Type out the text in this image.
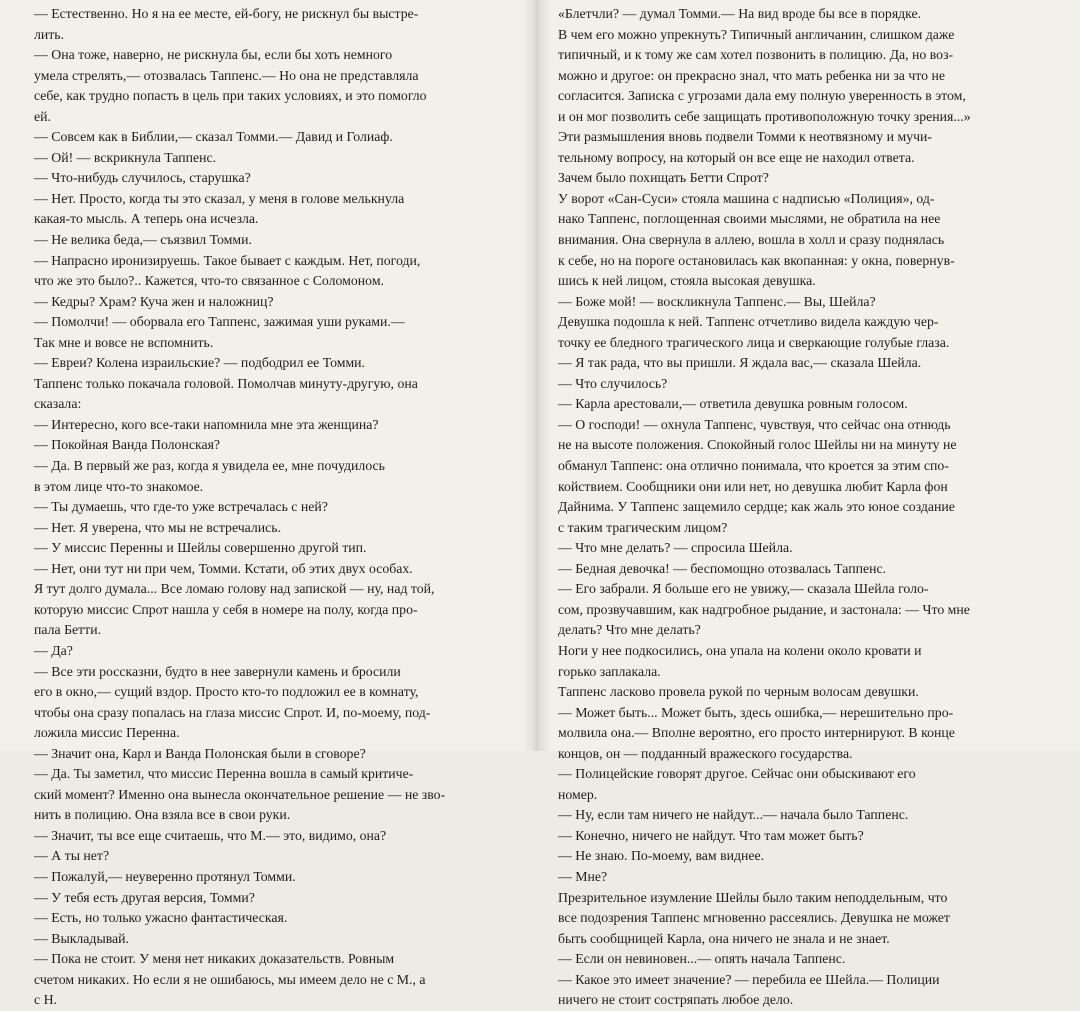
— Естественно. Но я на ее месте, ей-богу, не рискнул бы выстре-
лить.
— Она тоже, наверно, не рискнула бы, если бы хоть немного
умела стрелять,— отозвалась Таппенс.— Но она не представляла
себе, как трудно попасть в цель при таких условиях, и это помогло
ей.
— Совсем как в Библии,— сказал Томми.— Давид и Голиаф.
— Ой! — вскрикнула Таппенс.
— Что-нибудь случилось, старушка?
— Нет. Просто, когда ты это сказал, у меня в голове мелькнула
какая-то мысль. А теперь она исчезла.
— Не велика беда,— съязвил Томми.
— Напрасно иронизируешь. Такое бывает с каждым. Нет, погоди,
что же это было?.. Кажется, что-то связанное с Соломоном.
— Кедры? Храм? Куча жен и наложниц?
— Помолчи! — оборвала его Таппенс, зажимая уши руками.—
Так мне и вовсе не вспомнить.
— Евреи? Колена израильские? — подбодрил ее Томми.
Таппенс только покачала головой. Помолчав минуту-другую, она
сказала:
— Интересно, кого все-таки напомнила мне эта женщина?
— Покойная Ванда Полонская?
— Да. В первый же раз, когда я увидела ее, мне почудилось
в этом лице что-то знакомое.
— Ты думаешь, что где-то уже встречалась с ней?
— Нет. Я уверена, что мы не встречались.
— У миссис Перенны и Шейлы совершенно другой тип.
— Нет, они тут ни при чем, Томми. Кстати, об этих двух особах.
Я тут долго думала... Все ломаю голову над запиской — ну, над той,
которую миссис Спрот нашла у себя в номере на полу, когда про-
пала Бетти.
— Да?
— Все эти россказни, будто в нее завернули камень и бросили
его в окно,— сущий вздор. Просто кто-то подложил ее в комнату,
чтобы она сразу попалась на глаза миссис Спрот. И, по-моему, под-
ложила миссис Перенна.
— Значит она, Карл и Ванда Полонская были в сговоре?
— Да. Ты заметил, что миссис Перенна вошла в самый критиче-
ский момент? Именно она вынесла окончательное решение — не зво-
нить в полицию. Она взяла все в свои руки.
— Значит, ты все еще считаешь, что М.— это, видимо, она?
— А ты нет?
— Пожалуй,— неуверенно протянул Томми.
— У тебя есть другая версия, Томми?
— Есть, но только ужасно фантастическая.
— Выкладывай.
— Пока не стоит. У меня нет никаких доказательств. Ровным
счетом никаких. Но если я не ошибаюсь, мы имеем дело не с М., а
с Н.
«Блетчли? — думал Томми.— На вид вроде бы все в порядке.
В чем его можно упрекнуть? Типичный англичанин, слишком даже
типичный, и к тому же сам хотел позвонить в полицию. Да, но воз-
можно и другое: он прекрасно знал, что мать ребенка ни за что не
согласится. Записка с угрозами дала ему полную уверенность в этом,
и он мог позволить себе защищать противоположную точку зрения...»
Эти размышления вновь подвели Томми к неотвязному и мучи-
тельному вопросу, на который он все еще не находил ответа.
Зачем было похищать Бетти Спрот?
У ворот «Сан-Суси» стояла машина с надписью «Полиция», од-
нако Таппенс, поглощенная своими мыслями, не обратила на нее
внимания. Она свернула в аллею, вошла в холл и сразу поднялась
к себе, но на пороге остановилась как вкопанная: у окна, повернув-
шись к ней лицом, стояла высокая девушка.
— Боже мой! — воскликнула Таппенс.— Вы, Шейла?
Девушка подошла к ней. Таппенс отчетливо видела каждую чер-
точку ее бледного трагического лица и сверкающие голубые глаза.
— Я так рада, что вы пришли. Я ждала вас,— сказала Шейла.
— Что случилось?
— Карла арестовали,— ответила девушка ровным голосом.
— О господи! — охнула Таппенс, чувствуя, что сейчас она отнюдь
не на высоте положения. Спокойный голос Шейлы ни на минуту не
обманул Таппенс: она отлично понимала, что кроется за этим спо-
койствием. Сообщники они или нет, но девушка любит Карла фон
Дайнима. У Таппенс защемило сердце; как жаль это юное создание
с таким трагическим лицом?
— Что мне делать? — спросила Шейла.
— Бедная девочка! — беспомощно отозвалась Таппенс.
— Его забрали. Я больше его не увижу,— сказала Шейла голо-
сом, прозвучавшим, как надгробное рыдание, и застонала: — Что мне
делать? Что мне делать?
Ноги у нее подкосились, она упала на колени около кровати и
горько заплакала.
Таппенс ласково провела рукой по черным волосам девушки.
— Может быть... Может быть, здесь ошибка,— нерешительно про-
молвила она.— Вполне вероятно, его просто интернируют. В конце
концов, он — подданный вражеского государства.
— Полицейские говорят другое. Сейчас они обыскивают его
номер.
— Ну, если там ничего не найдут...— начала было Таппенс.
— Конечно, ничего не найдут. Что там может быть?
— Не знаю. По-моему, вам виднее.
— Мне?
Презрительное изумление Шейлы было таким неподдельным, что
все подозрения Таппенс мгновенно рассеялись. Девушка не может
быть сообщницей Карла, она ничего не знала и не знает.
— Если он невиновен...— опять начала Таппенс.
— Какое это имеет значение? — перебила ее Шейла.— Полиции
ничего не стоит состряпать любое дело.
